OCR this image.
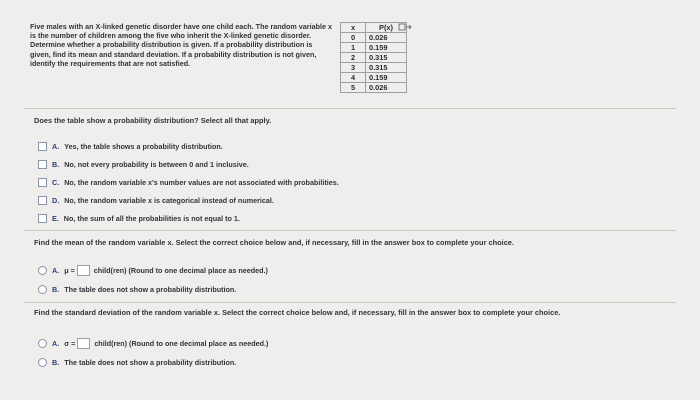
Five males with an X-linked genetic disorder have one child each. The random variable x is the number of children among the five who inherit the X-linked genetic disorder. Determine whether a probability distribution is given. If a probability distribution is given, find its mean and standard deviation. If a probability distribution is not given, identify the requirements that are not satisfied.
x	P(x)
0	0.026
1	0.159
2	0.315
3	0.315
4	0.159
5	0.026
Does the table show a probability distribution? Select all that apply.
A. Yes, the table shows a probability distribution.
B. No, not every probability is between 0 and 1 inclusive.
C. No, the random variable x's number values are not associated with probabilities.
D. No, the random variable x is categorical instead of numerical.
E. No, the sum of all the probabilities is not equal to 1.
Find the mean of the random variable x. Select the correct choice below and, if necessary, fill in the answer box to complete your choice.
A. μ =	child(ren) (Round to one decimal place as needed.)
B. The table does not show a probability distribution.
Find the standard deviation of the random variable x. Select the correct choice below and, if necessary, fill in the answer box to complete your choice.
A. σ =	child(ren) (Round to one decimal place as needed.)
B. The table does not show a probability distribution.
